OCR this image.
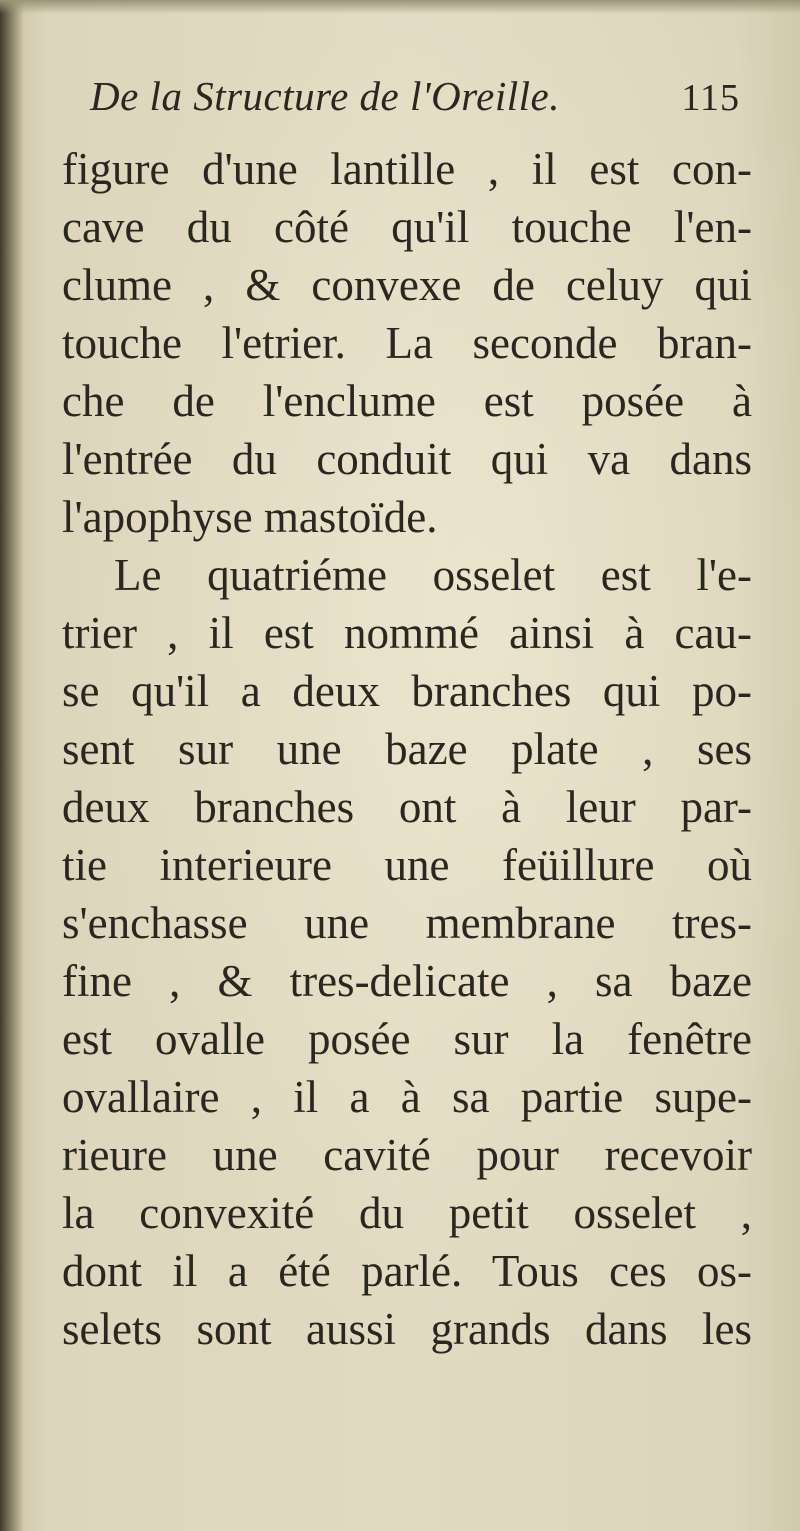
De la Structure de l'Oreille.	115
figure d'une lantille , il est con-
cave du côté qu'il touche l'en-
clume , & convexe de celuy qui
touche l'etrier. La seconde bran-
che de l'enclume est posée à
l'entrée du conduit qui va dans
l'apophyse mastoïde.
Le quatriéme osselet est l'e-
trier , il est nommé ainsi à cau-
se qu'il a deux branches qui po-
sent sur une baze plate , ses
deux branches ont à leur par-
tie interieure une feüillure où
s'enchasse une membrane tres-
fine , & tres-delicate , sa baze
est ovalle posée sur la fenêtre
ovallaire , il a à sa partie supe-
rieure une cavité pour recevoir
la convexité du petit osselet ,
dont il a été parlé. Tous ces os-
selets sont aussi grands dans les
